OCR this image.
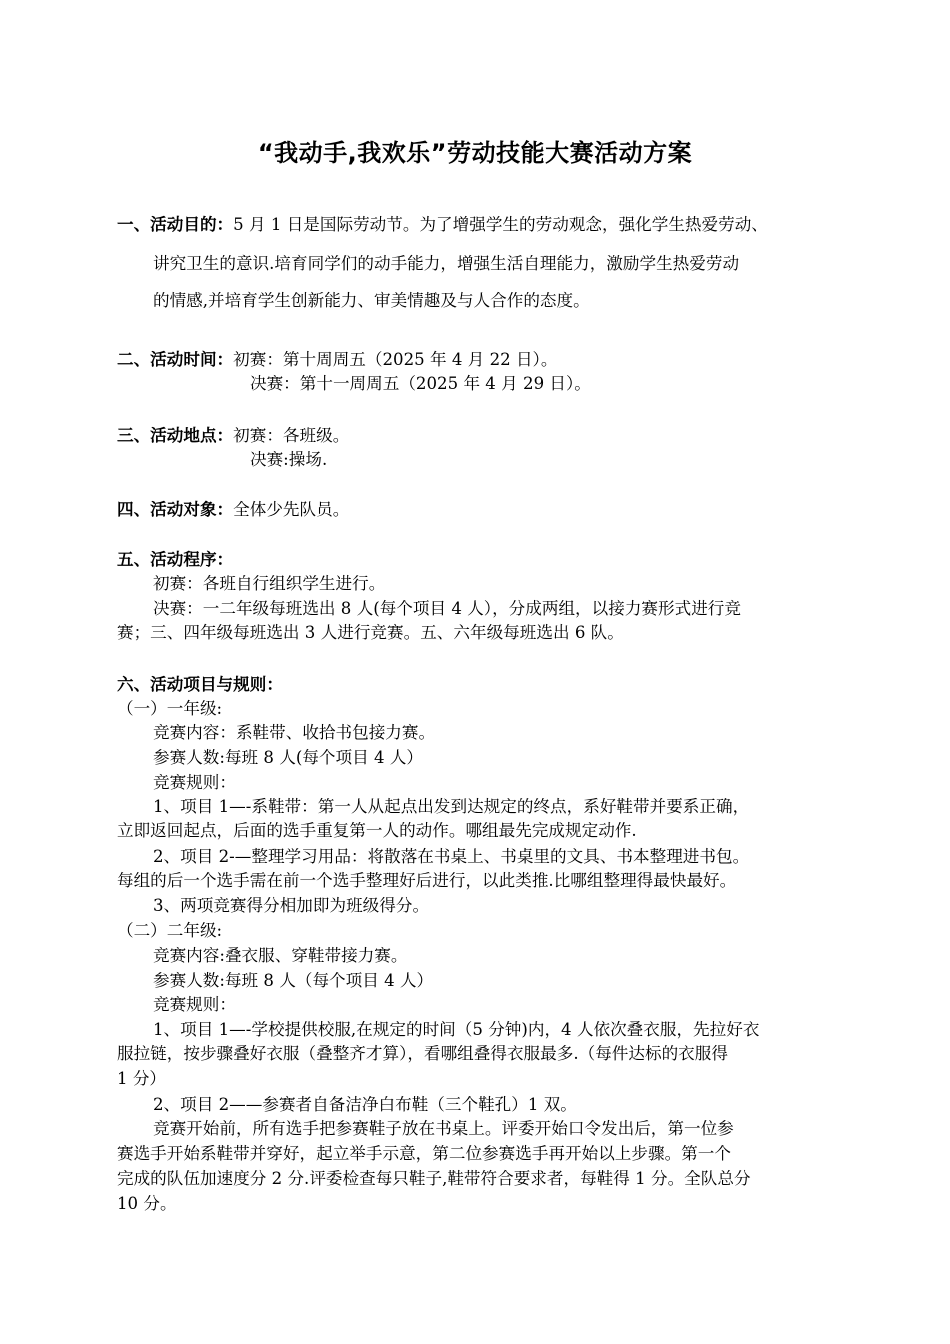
“我动手,我欢乐”劳动技能大赛活动方案
一、活动目的：5 月 1 日是国际劳动节。为了增强学生的劳动观念，强化学生热爱劳动、
讲究卫生的意识.培育同学们的动手能力，增强生活自理能力，激励学生热爱劳动
的情感,并培育学生创新能力、审美情趣及与人合作的态度。
二、活动时间：初赛：第十周周五（2025 年 4 月 22 日）。
决赛：第十一周周五（2025 年 4 月 29 日）。
三、活动地点：初赛：各班级。
决赛:操场.
四、活动对象：全体少先队员。
五、活动程序：
初赛：各班自行组织学生进行。
决赛：一二年级每班选出 8 人(每个项目 4 人），分成两组，以接力赛形式进行竞
赛；三、四年级每班选出 3 人进行竞赛。五、六年级每班选出 6 队。
六、活动项目与规则：
（一）一年级:
竞赛内容：系鞋带、收拾书包接力赛。
参赛人数:每班 8 人(每个项目 4 人）
竞赛规则：
1、项目 1—-系鞋带：第一人从起点出发到达规定的终点，系好鞋带并要系正确，
立即返回起点，后面的选手重复第一人的动作。哪组最先完成规定动作.
2、项目 2-—整理学习用品：将散落在书桌上、书桌里的文具、书本整理进书包。
每组的后一个选手需在前一个选手整理好后进行，以此类推.比哪组整理得最快最好。
3、两项竞赛得分相加即为班级得分。
（二）二年级:
竞赛内容:叠衣服、穿鞋带接力赛。
参赛人数:每班 8 人（每个项目 4 人）
竞赛规则：
1、项目 1—-学校提供校服,在规定的时间（5 分钟)内，4 人依次叠衣服，先拉好衣
服拉链，按步骤叠好衣服（叠整齐才算），看哪组叠得衣服最多.（每件达标的衣服得
1 分）
2、项目 2——参赛者自备洁净白布鞋（三个鞋孔）1 双。
竞赛开始前，所有选手把参赛鞋子放在书桌上。评委开始口令发出后，第一位参
赛选手开始系鞋带并穿好，起立举手示意，第二位参赛选手再开始以上步骤。第一个
完成的队伍加速度分 2 分.评委检查每只鞋子,鞋带符合要求者，每鞋得 1 分。全队总分
10 分。
